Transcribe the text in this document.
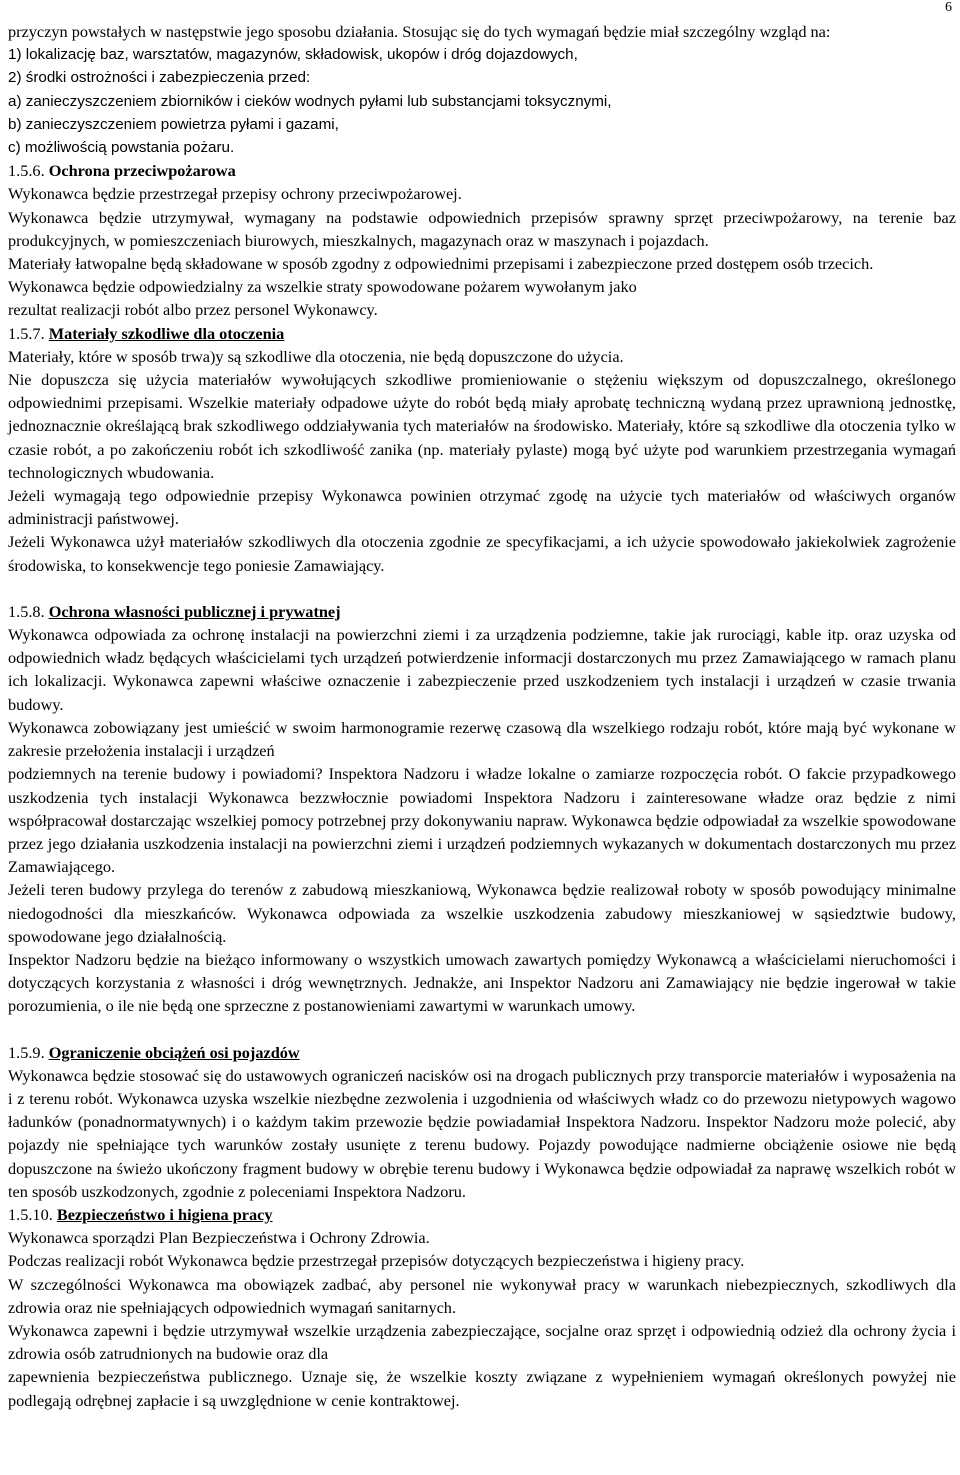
6

przyczyn powstałych w następstwie jego sposobu działania. Stosując się do tych wymagań będzie miał szczególny wzgląd na:

1) lokalizację baz, warsztatów, magazynów, składowisk, ukopów i dróg dojazdowych,

2) środki ostrożności i zabezpieczenia przed:

a) zanieczyszczeniem zbiorników i cieków wodnych pyłami lub substancjami toksycznymi,

b) zanieczyszczeniem powietrza pyłami i gazami,

c) możliwością powstania pożaru.

1.5.6. Ochrona przeciwpożarowa

Wykonawca będzie przestrzegał przepisy ochrony przeciwpożarowej.

Wykonawca będzie utrzymywał, wymagany na podstawie odpowiednich przepisów sprawny sprzęt przeciwpożarowy, na terenie baz produkcyjnych, w pomieszczeniach biurowych, mieszkalnych, magazynach oraz w maszynach i pojazdach.

Materiały łatwopalne będą składowane w sposób zgodny z odpowiednimi przepisami i zabezpieczone przed dostępem osób trzecich.

Wykonawca będzie odpowiedzialny za wszelkie straty spowodowane pożarem wywołanym jako

rezultat realizacji robót albo przez personel Wykonawcy.

1.5.7. Materiały szkodliwe dla otoczenia

Materiały, które w sposób trwa)y są szkodliwe dla otoczenia, nie będą dopuszczone do użycia.

Nie dopuszcza się użycia materiałów wywołujących szkodliwe promieniowanie o stężeniu większym od dopuszczalnego, określonego odpowiednimi przepisami. Wszelkie materiały odpadowe użyte do robót będą miały aprobatę techniczną wydaną przez uprawnioną jednostkę, jednoznacznie określającą brak szkodliwego oddziaływania tych materiałów na środowisko. Materiały, które są szkodliwe dla otoczenia tylko w czasie robót, a po zakończeniu robót ich szkodliwość zanika (np. materiały pylaste) mogą być użyte pod warunkiem przestrzegania wymagań technologicznych wbudowania.

Jeżeli wymagają tego odpowiednie przepisy Wykonawca powinien otrzymać zgodę na użycie tych materiałów od właściwych organów administracji państwowej.

Jeżeli Wykonawca użył materiałów szkodliwych dla otoczenia zgodnie ze specyfikacjami, a ich użycie spowodowało jakiekolwiek zagrożenie środowiska, to konsekwencje tego poniesie Zamawiający.

1.5.8. Ochrona własności publicznej i prywatnej

Wykonawca odpowiada za ochronę instalacji na powierzchni ziemi i za urządzenia podziemne, takie jak rurociągi, kable itp. oraz uzyska od odpowiednich władz będących właścicielami tych urządzeń potwierdzenie informacji dostarczonych mu przez Zamawiającego w ramach planu ich lokalizacji. Wykonawca zapewni właściwe oznaczenie i zabezpieczenie przed uszkodzeniem tych instalacji i urządzeń w czasie trwania budowy.

Wykonawca zobowiązany jest umieścić w swoim harmonogramie rezerwę czasową dla wszelkiego rodzaju robót, które mają być wykonane w zakresie przełożenia instalacji i urządzeń

podziemnych na terenie budowy i powiadomi? Inspektora Nadzoru i władze lokalne o zamiarze rozpoczęcia robót. O fakcie przypadkowego uszkodzenia tych instalacji Wykonawca bezzwłocznie powiadomi Inspektora Nadzoru i zainteresowane władze oraz będzie z nimi współpracował dostarczając wszelkiej pomocy potrzebnej przy dokonywaniu napraw. Wykonawca będzie odpowiadał za wszelkie spowodowane przez jego działania uszkodzenia instalacji na powierzchni ziemi i urządzeń podziemnych wykazanych w dokumentach dostarczonych mu przez Zamawiającego.

Jeżeli teren budowy przylega do terenów z zabudową mieszkaniową, Wykonawca będzie realizował roboty w sposób powodujący minimalne niedogodności dla mieszkańców. Wykonawca odpowiada za wszelkie uszkodzenia zabudowy mieszkaniowej w sąsiedztwie budowy, spowodowane jego działalnością.

Inspektor Nadzoru będzie na bieżąco informowany o wszystkich umowach zawartych pomiędzy Wykonawcą a właścicielami nieruchomości i dotyczących korzystania z własności i dróg wewnętrznych. Jednakże, ani Inspektor Nadzoru ani Zamawiający nie będzie ingerował w takie porozumienia, o ile nie będą one sprzeczne z postanowieniami zawartymi w warunkach umowy.

1.5.9. Ograniczenie obciążeń osi pojazdów

Wykonawca będzie stosować się do ustawowych ograniczeń nacisków osi na drogach publicznych przy transporcie materiałów i wyposażenia na i z terenu robót. Wykonawca uzyska wszelkie niezbędne zezwolenia i uzgodnienia od właściwych władz co do przewozu nietypowych wagowo ładunków (ponadnormatywnych) i o każdym takim przewozie będzie powiadamiał Inspektora Nadzoru. Inspektor Nadzoru może polecić, aby pojazdy nie spełniające tych warunków zostały usunięte z terenu budowy. Pojazdy powodujące nadmierne obciążenie osiowe nie będą dopuszczone na świeżo ukończony fragment budowy w obrębie terenu budowy i Wykonawca będzie odpowiadał za naprawę wszelkich robót w ten sposób uszkodzonych, zgodnie z poleceniami Inspektora Nadzoru.

1.5.10. Bezpieczeństwo i higiena pracy

Wykonawca sporządzi Plan Bezpieczeństwa i Ochrony Zdrowia.

Podczas realizacji robót Wykonawca będzie przestrzegał przepisów dotyczących bezpieczeństwa i higieny pracy.

W szczególności Wykonawca ma obowiązek zadbać, aby personel nie wykonywał pracy w warunkach niebezpiecznych, szkodliwych dla zdrowia oraz nie spełniających odpowiednich wymagań sanitarnych.

Wykonawca zapewni i będzie utrzymywał wszelkie urządzenia zabezpieczające, socjalne oraz sprzęt i odpowiednią odzież dla ochrony życia i zdrowia osób zatrudnionych na budowie oraz dla

zapewnienia bezpieczeństwa publicznego. Uznaje się, że wszelkie koszty związane z wypełnieniem wymagań określonych powyżej nie podlegają odrębnej zapłacie i są uwzględnione w cenie kontraktowej.
